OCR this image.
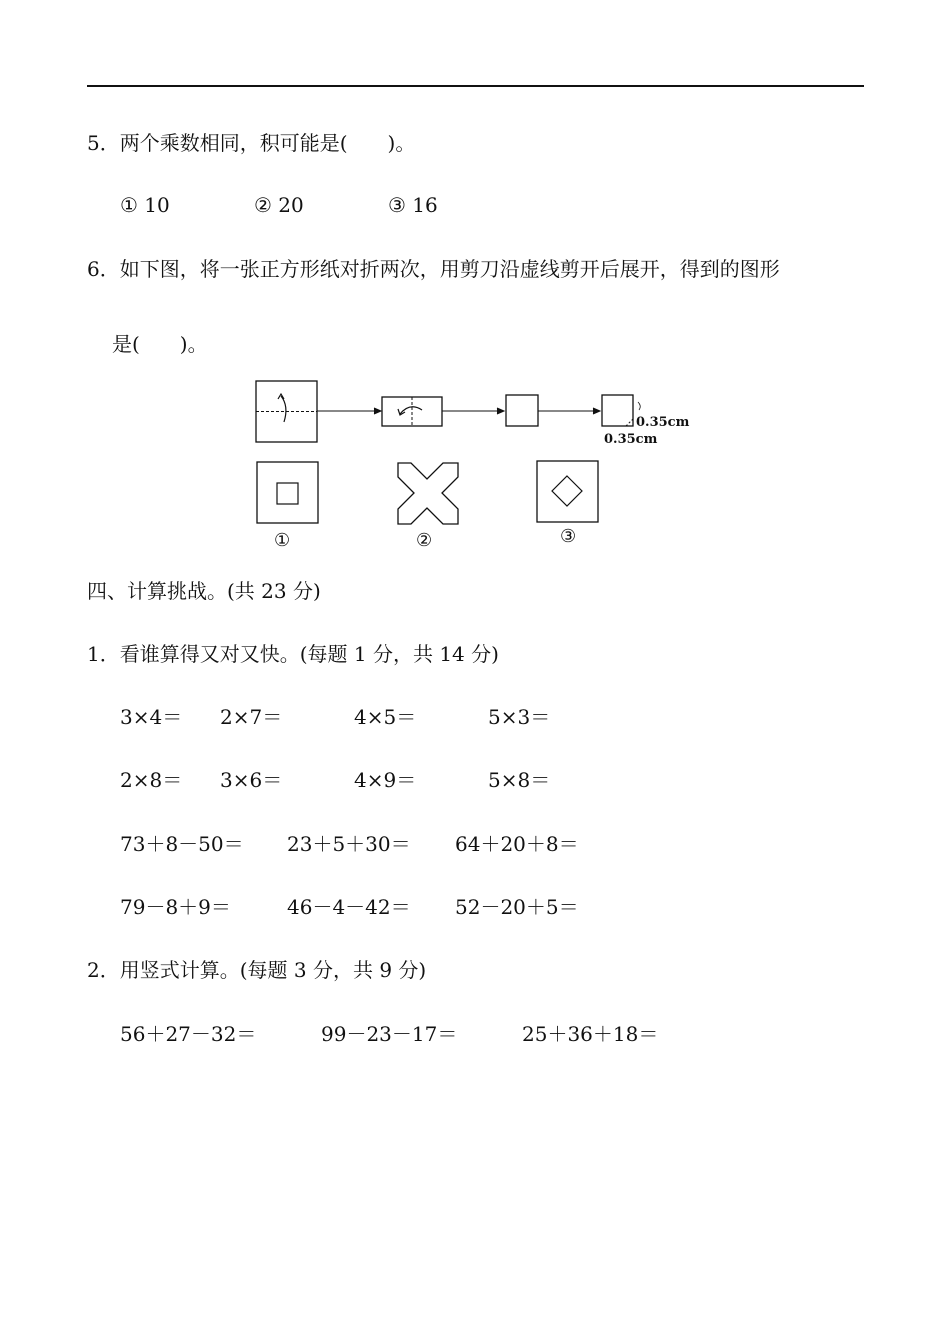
5．两个乘数相同，积可能是(　　)。
① 10	② 20	③ 16
6．如下图，将一张正方形纸对折两次，用剪刀沿虚线剪开后展开，得到的图形
是(　　)。
0.35cm
0.35cm
①	②	③
四、计算挑战。(共 23 分)
1．看谁算得又对又快。(每题 1 分，共 14 分)
3×4＝ 2×7＝	4×5＝	5×3＝
2×8＝ 3×6＝	4×9＝	5×8＝
73＋8－50＝ 23＋5＋30＝ 64＋20＋8＝
79－8＋9＝	46－4－42＝ 52－20＋5＝
2．用竖式计算。(每题 3 分，共 9 分)
56＋27－32＝	99－23－17＝	25＋36＋18＝
